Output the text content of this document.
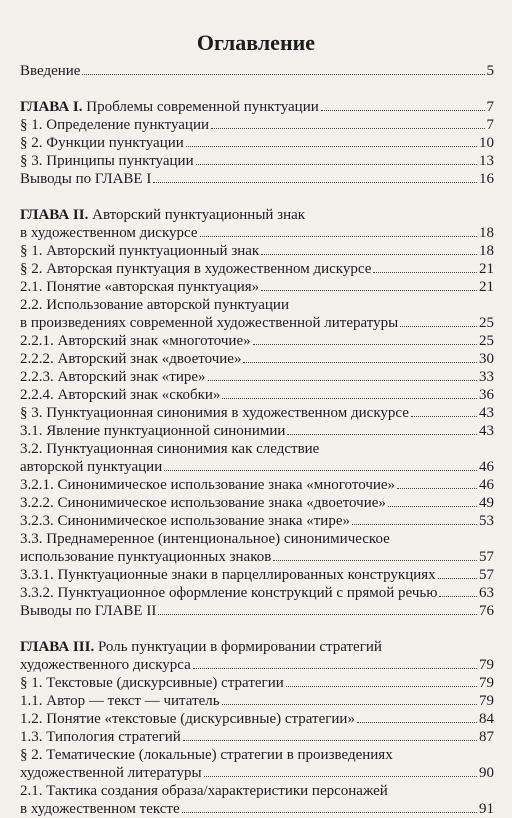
Оглавление
Введение	5
ГЛАВА I. Проблемы современной пунктуации	7
§ 1. Определение пунктуации	7
§ 2. Функции пунктуации	10
§ 3. Принципы пунктуации	13
Выводы по ГЛАВЕ I	16
ГЛАВА II. Авторский пунктуационный знак
в художественном дискурсе	18
§ 1. Авторский пунктуационный знак	18
§ 2. Авторская пунктуация в художественном дискурсе	21
2.1. Понятие «авторская пунктуация»	21
2.2. Использование авторской пунктуации
в произведениях современной художественной литературы	25
2.2.1. Авторский знак «многоточие»	25
2.2.2. Авторский знак «двоеточие»	30
2.2.3. Авторский знак «тире»	33
2.2.4. Авторский знак «скобки»	36
§ 3. Пунктуационная синонимия в художественном дискурсе	43
3.1. Явление пунктуационной синонимии	43
3.2. Пунктуационная синонимия как следствие
авторской пунктуации	46
3.2.1. Синонимическое использование знака «многоточие»	46
3.2.2. Синонимическое использование знака «двоеточие»	49
3.2.3. Синонимическое использование знака «тире»	53
3.3. Преднамеренное (интенциональное) синонимическое
использование пунктуационных знаков	57
3.3.1. Пунктуационные знаки в парцеллированных конструкциях	57
3.3.2. Пунктуационное оформление конструкций с прямой речью	63
Выводы по ГЛАВЕ II	76
ГЛАВА III. Роль пунктуации в формировании стратегий
художественного дискурса	79
§ 1. Текстовые (дискурсивные) стратегии	79
1.1. Автор — текст — читатель	79
1.2. Понятие «текстовые (дискурсивные) стратегии»	84
1.3. Типология стратегий	87
§ 2. Тематические (локальные) стратегии в произведениях
художественной литературы	90
2.1. Тактика создания образа/характеристики персонажей
в художественном тексте	91
